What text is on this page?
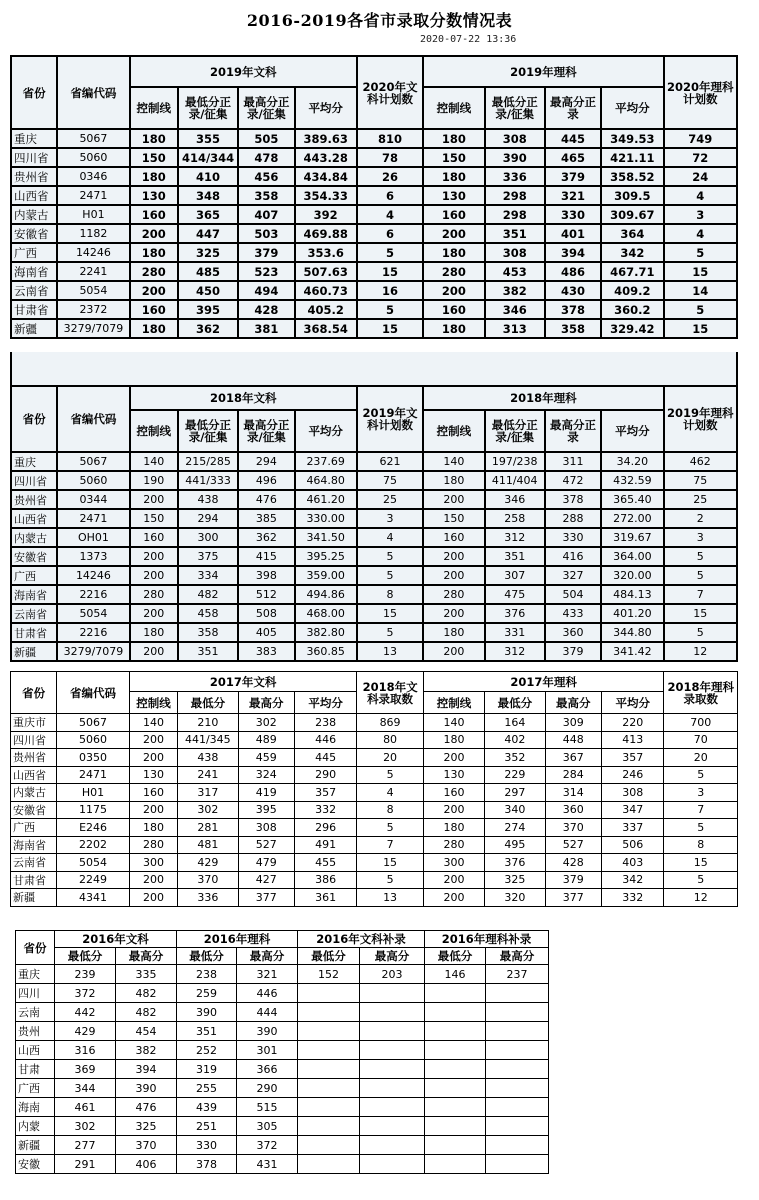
2016-2019各省市录取分数情况表
2020-07-22 13:36
省份	省编代码	2019年文科				2020年文科计划数	2019年理科				2020年理科计划数
		控制线	最低分正录/征集	最高分正录/征集	平均分		控制线	最低分正录/征集	最高分正录	平均分	
重庆	5067	180	355	505	389.63	810	180	308	445	349.53	749
四川省	5060	150	414/344	478	443.28	78	150	390	465	421.11	72
贵州省	0346	180	410	456	434.84	26	180	336	379	358.52	24
山西省	2471	130	348	358	354.33	6	130	298	321	309.5	4
内蒙古	H01	160	365	407	392	4	160	298	330	309.67	3
安徽省	1182	200	447	503	469.88	6	200	351	401	364	4
广西	14246	180	325	379	353.6	5	180	308	394	342	5
海南省	2241	280	485	523	507.63	15	280	453	486	467.71	15
云南省	5054	200	450	494	460.73	16	200	382	430	409.2	14
甘肃省	2372	160	395	428	405.2	5	160	346	378	360.2	5
新疆	3279/7079	180	362	381	368.54	15	180	313	358	329.42	15
省份	省编代码	2018年文科				2019年文科计划数	2018年理科				2019年理科计划数
		控制线	最低分正录/征集	最高分正录/征集	平均分		控制线	最低分正录/征集	最高分正录	平均分	
重庆	5067	140	215/285	294	237.69	621	140	197/238	311	34.20	462
四川省	5060	190	441/333	496	464.80	75	180	411/404	472	432.59	75
贵州省	0344	200	438	476	461.20	25	200	346	378	365.40	25
山西省	2471	150	294	385	330.00	3	150	258	288	272.00	2
内蒙古	OH01	160	300	362	341.50	4	160	312	330	319.67	3
安徽省	1373	200	375	415	395.25	5	200	351	416	364.00	5
广西	14246	200	334	398	359.00	5	200	307	327	320.00	5
海南省	2216	280	482	512	494.86	8	280	475	504	484.13	7
云南省	5054	200	458	508	468.00	15	200	376	433	401.20	15
甘肃省	2216	180	358	405	382.80	5	180	331	360	344.80	5
新疆	3279/7079	200	351	383	360.85	13	200	312	379	341.42	12
省份	省编代码	2017年文科				2018年文科录取数	2017年理科				2018年理科录取数
		控制线	最低分	最高分	平均分		控制线	最低分	最高分	平均分	
重庆市	5067	140	210	302	238	869	140	164	309	220	700
四川省	5060	200	441/345	489	446	80	180	402	448	413	70
贵州省	0350	200	438	459	445	20	200	352	367	357	20
山西省	2471	130	241	324	290	5	130	229	284	246	5
内蒙古	H01	160	317	419	357	4	160	297	314	308	3
安徽省	1175	200	302	395	332	8	200	340	360	347	7
广西	E246	180	281	308	296	5	180	274	370	337	5
海南省	2202	280	481	527	491	7	280	495	527	506	8
云南省	5054	300	429	479	455	15	300	376	428	403	15
甘肃省	2249	200	370	427	386	5	200	325	379	342	5
新疆	4341	200	336	377	361	13	200	320	377	332	12
省份	2016年文科		2016年理科		2016年文科补录		2016年理科补录	
	最低分	最高分	最低分	最高分	最低分	最高分	最低分	最高分
重庆	239	335	238	321	152	203	146	237
四川	372	482	259	446				
云南	442	482	390	444				
贵州	429	454	351	390				
山西	316	382	252	301				
甘肃	369	394	319	366				
广西	344	390	255	290				
海南	461	476	439	515				
内蒙	302	325	251	305				
新疆	277	370	330	372				
安徽	291	406	378	431				
